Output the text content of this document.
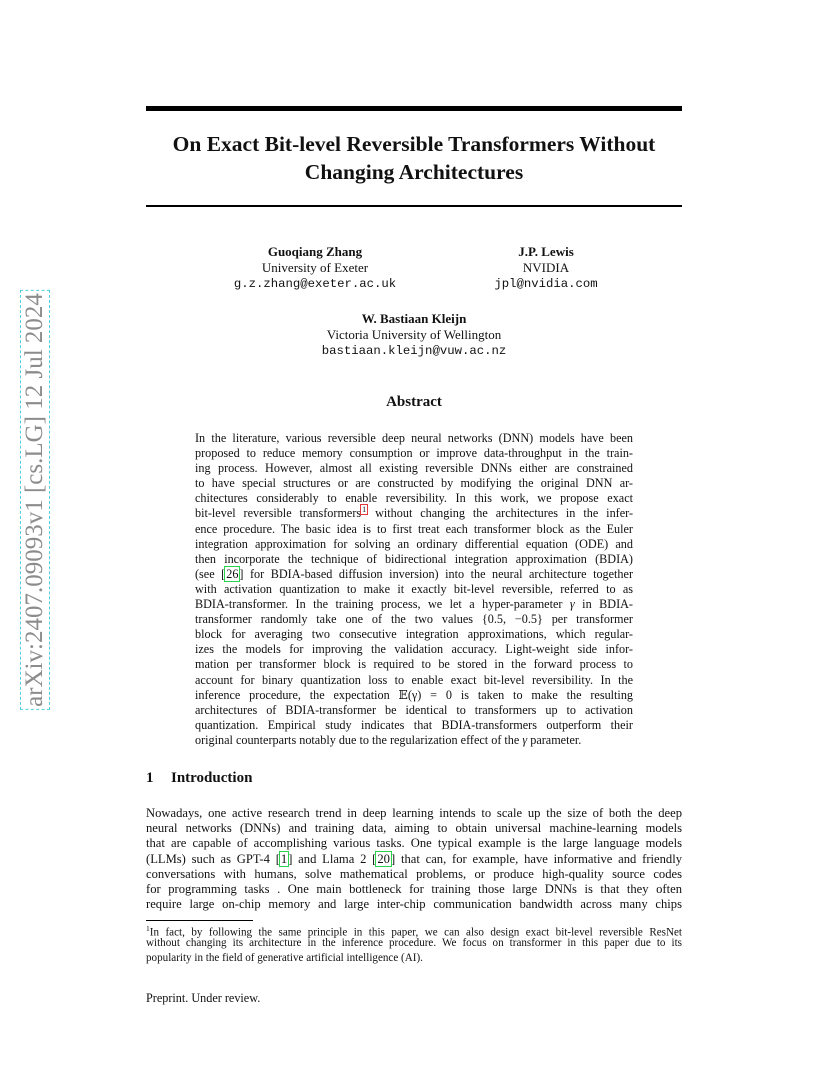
arXiv:2407.09093v1 [cs.LG] 12 Jul 2024
On Exact Bit-level Reversible Transformers Without
Changing Architectures
Guoqiang Zhang
University of Exeter
g.z.zhang@exeter.ac.uk
J.P. Lewis
NVIDIA
jpl@nvidia.com
W. Bastiaan Kleijn
Victoria University of Wellington
bastiaan.kleijn@vuw.ac.nz
Abstract
In the literature, various reversible deep neural networks (DNN) models have been
proposed to reduce memory consumption or improve data-throughput in the train-
ing process. However, almost all existing reversible DNNs either are constrained
to have special structures or are constructed by modifying the original DNN ar-
chitectures considerably to enable reversibility. In this work, we propose exact
bit-level reversible transformers$^1$ without changing the architectures in the infer-
ence procedure. The basic idea is to first treat each transformer block as the Euler
integration approximation for solving an ordinary differential equation (ODE) and
then incorporate the technique of bidirectional integration approximation (BDIA)
(see [26] for BDIA-based diffusion inversion) into the neural architecture together
with activation quantization to make it exactly bit-level reversible, referred to as
BDIA-transformer. In the training process, we let a hyper-parameter γ in BDIA-
transformer randomly take one of the two values {0.5, −0.5} per transformer
block for averaging two consecutive integration approximations, which regular-
izes the models for improving the validation accuracy. Light-weight side infor-
mation per transformer block is required to be stored in the forward process to
account for binary quantization loss to enable exact bit-level reversibility. In the
inference procedure, the expectation 𝔼(γ) = 0 is taken to make the resulting
architectures of BDIA-transformer be identical to transformers up to activation
quantization. Empirical study indicates that BDIA-transformers outperform their
original counterparts notably due to the regularization effect of the γ parameter.
1 Introduction
Nowadays, one active research trend in deep learning intends to scale up the size of both the deep
neural networks (DNNs) and training data, aiming to obtain universal machine-learning models
that are capable of accomplishing various tasks. One typical example is the large language models
(LLMs) such as GPT-4 [1] and Llama 2 [20] that can, for example, have informative and friendly
conversations with humans, solve mathematical problems, or produce high-quality source codes
for programming tasks . One main bottleneck for training those large DNNs is that they often
require large on-chip memory and large inter-chip communication bandwidth across many chips
$^1$In fact, by following the same principle in this paper, we can also design exact bit-level reversible ResNet
without changing its architecture in the inference procedure. We focus on transformer in this paper due to its
popularity in the field of generative artificial intelligence (AI).
Preprint. Under review.
